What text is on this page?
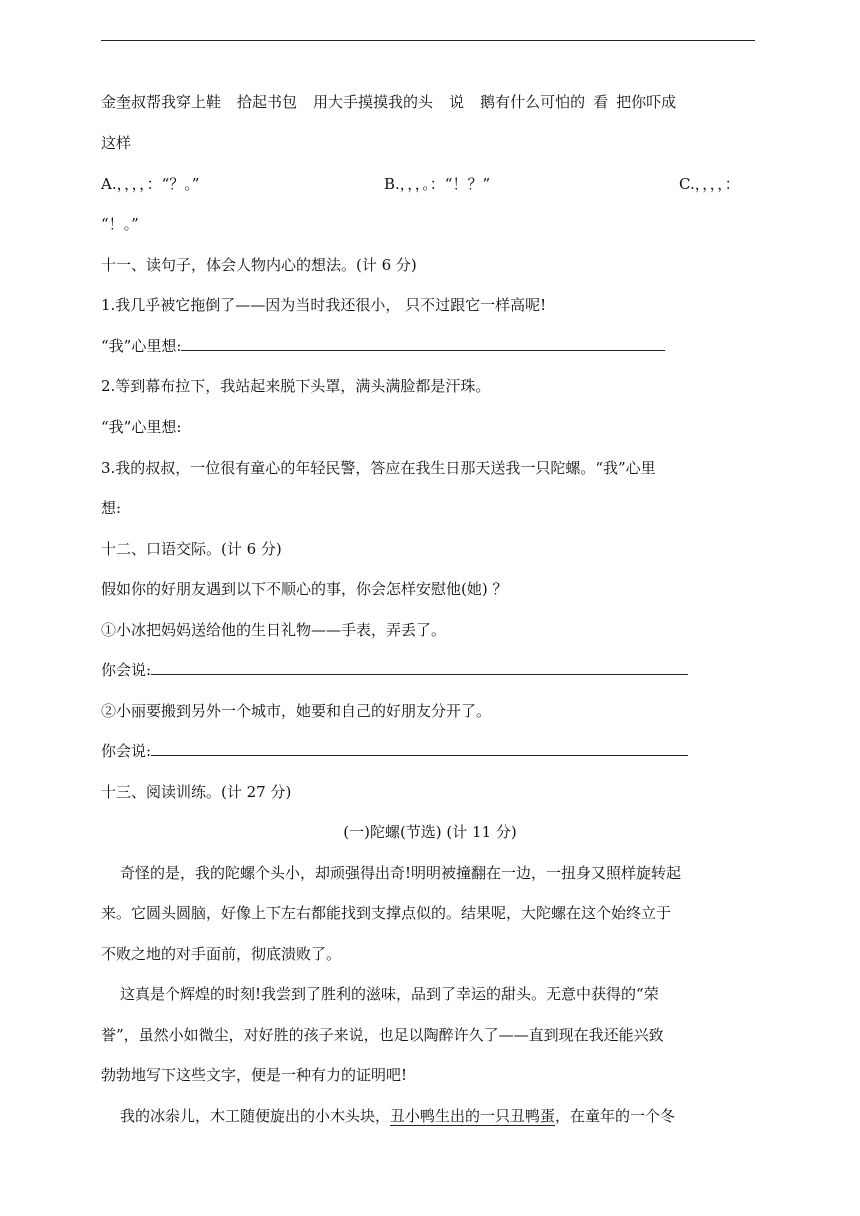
金奎叔帮我穿上鞋 拾起书包 用大手摸摸我的头 说 鹅有什么可怕的 看 把你吓成
这样
A.，，，，：“？。”	B.，，，。：“！？”	C.，，，，：
“！。”
十一、读句子，体会人物内心的想法。(计 6 分)
1.我几乎被它拖倒了——因为当时我还很小， 只不过跟它一样高呢!
“我”心里想:
2.等到幕布拉下，我站起来脱下头罩，满头满脸都是汗珠。
“我”心里想:
3.我的叔叔，一位很有童心的年轻民警，答应在我生日那天送我一只陀螺。“我”心里
想:
十二、口语交际。(计 6 分)
假如你的好朋友遇到以下不顺心的事，你会怎样安慰他(她) ？
①小冰把妈妈送给他的生日礼物——手表，弄丢了。
你会说:
②小丽要搬到另外一个城市，她要和自己的好朋友分开了。
你会说:
十三、阅读训练。(计 27 分)
(一)陀螺(节选) (计 11 分)
奇怪的是，我的陀螺个头小，却顽强得出奇!明明被撞翻在一边，一扭身又照样旋转起
来。它圆头圆脑，好像上下左右都能找到支撑点似的。结果呢，大陀螺在这个始终立于
不败之地的对手面前，彻底溃败了。
这真是个辉煌的时刻!我尝到了胜利的滋味，品到了幸运的甜头。无意中获得的“荣
誉”，虽然小如微尘，对好胜的孩子来说，也足以陶醉许久了——直到现在我还能兴致
勃勃地写下这些文字，便是一种有力的证明吧!
我的冰尜儿，木工随便旋出的小木头块，丑小鸭生出的一只丑鸭蛋，在童年的一个冬
